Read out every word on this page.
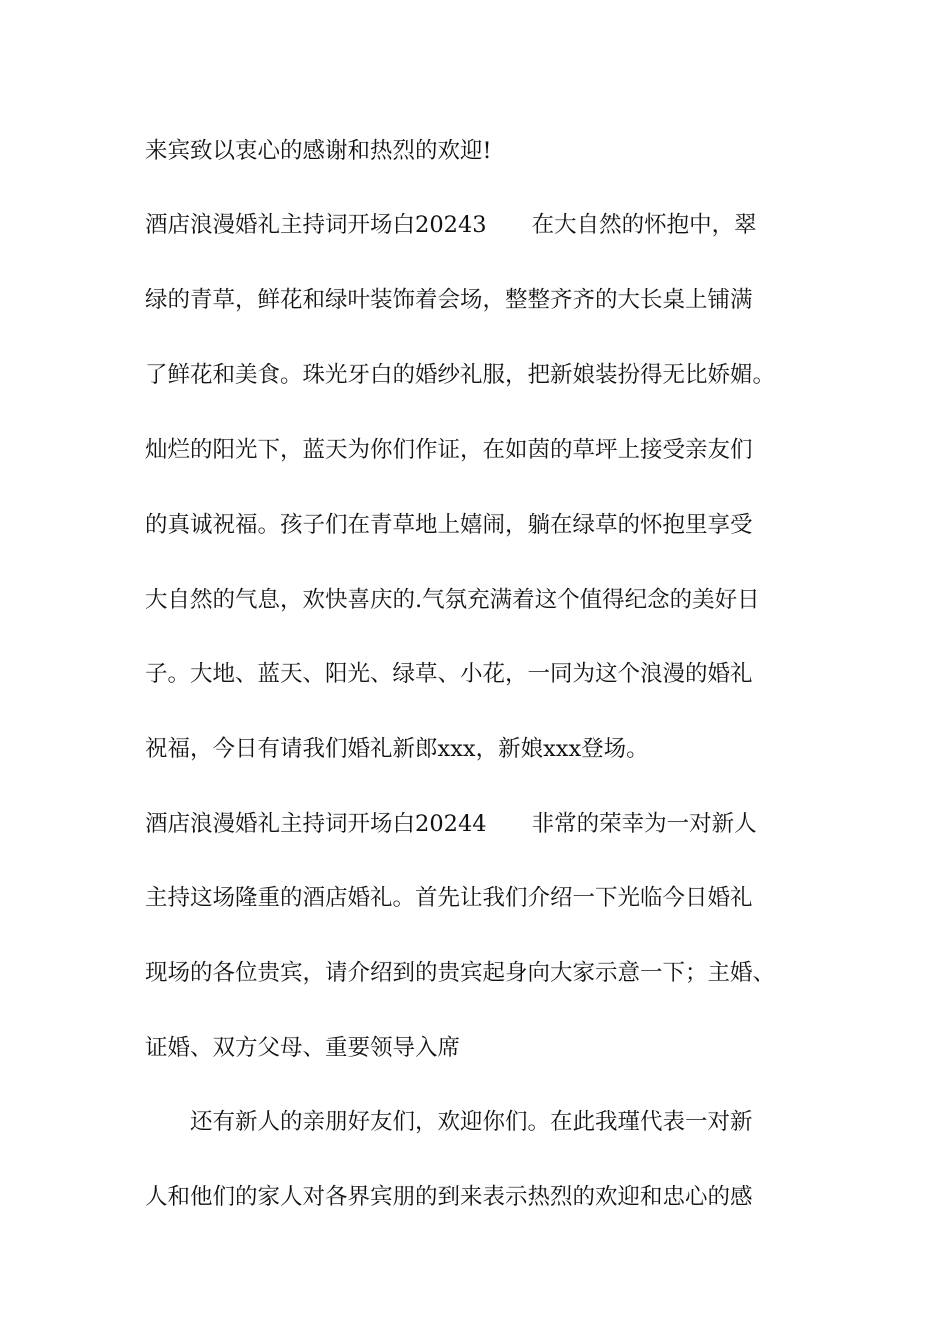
来宾致以衷心的感谢和热烈的欢迎!
酒店浪漫婚礼主持词开场白20243　　在大自然的怀抱中，翠
绿的青草，鲜花和绿叶装饰着会场，整整齐齐的大长桌上铺满
了鲜花和美食。珠光牙白的婚纱礼服，把新娘装扮得无比娇媚。
灿烂的阳光下，蓝天为你们作证，在如茵的草坪上接受亲友们
的真诚祝福。孩子们在青草地上嬉闹，躺在绿草的怀抱里享受
大自然的气息，欢快喜庆的.气氛充满着这个值得纪念的美好日
子。大地、蓝天、阳光、绿草、小花，一同为这个浪漫的婚礼
祝福，今日有请我们婚礼新郎xxx，新娘xxx登场。
酒店浪漫婚礼主持词开场白20244　　非常的荣幸为一对新人
主持这场隆重的酒店婚礼。首先让我们介绍一下光临今日婚礼
现场的各位贵宾，请介绍到的贵宾起身向大家示意一下；主婚、
证婚、双方父母、重要领导入席
　　还有新人的亲朋好友们，欢迎你们。在此我瑾代表一对新
人和他们的家人对各界宾朋的到来表示热烈的欢迎和忠心的感
